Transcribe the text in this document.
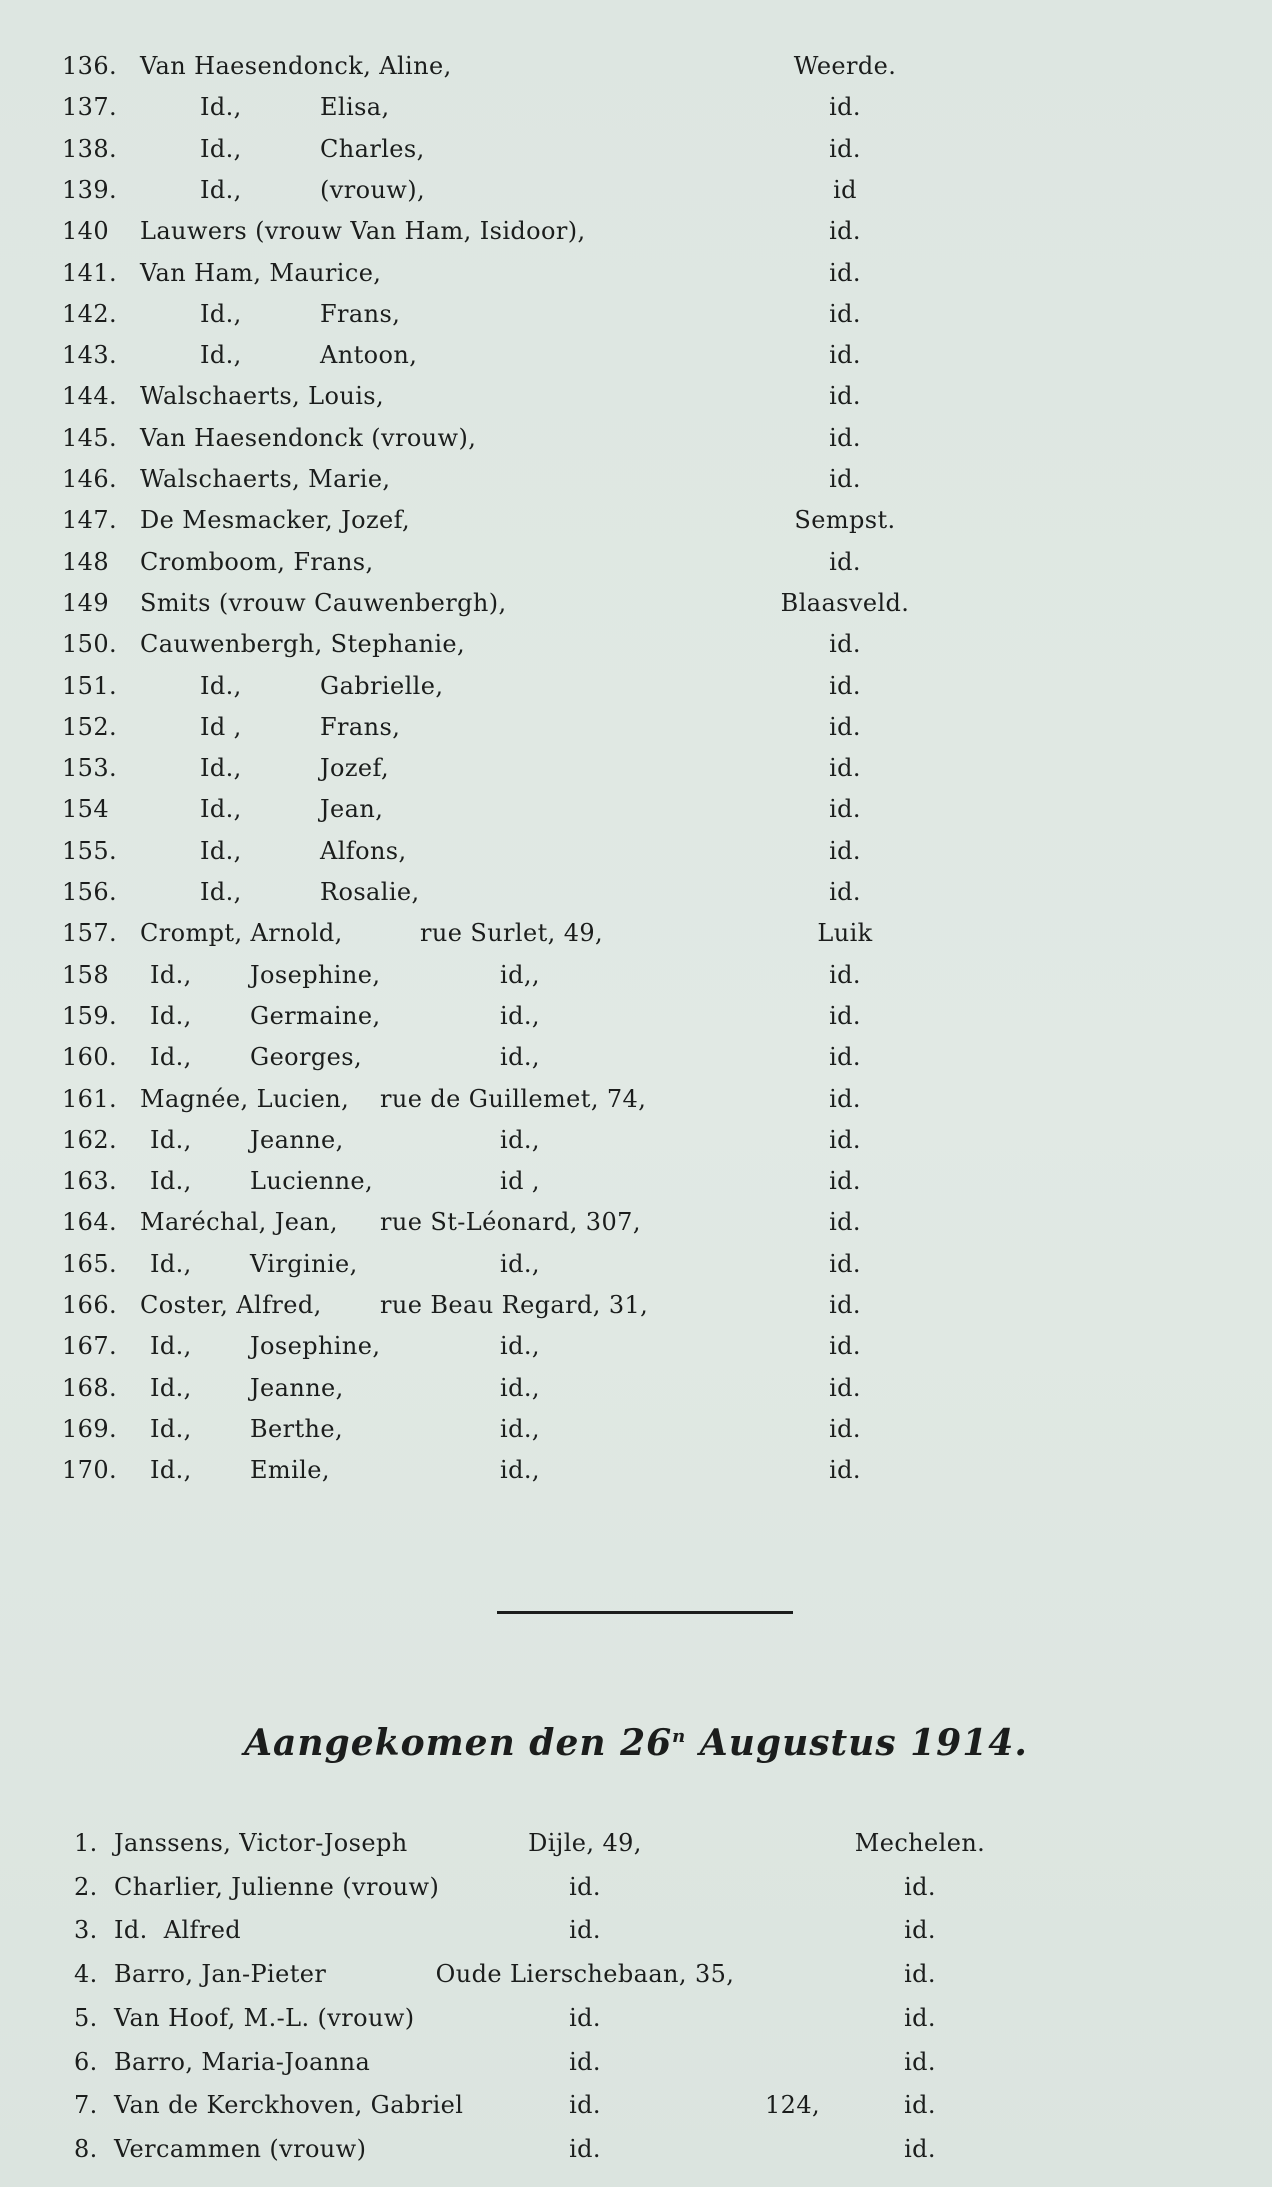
136. Van Haesendonck, Aline,	Weerde.
137.	Id.,	Elisa,	id.
138.	Id.,	Charles,	id.
139.	Id.,	(vrouw),	id
140 Lauwers (vrouw Van Ham, Isidoor),	id.
141. Van Ham, Maurice,	id.
142.	Id.,	Frans,	id.
143.	Id.,	Antoon,	id.
144. Walschaerts, Louis,	id.
145. Van Haesendonck (vrouw),	id.
146. Walschaerts, Marie,	id.
147. De Mesmacker, Jozef,	Sempst.
148 Cromboom, Frans,	id.
149 Smits (vrouw Cauwenbergh),	Blaasveld.
150. Cauwenbergh, Stephanie,	id.
151.	Id.,	Gabrielle,	id.
152.	Id ,	Frans,	id.
153.	Id.,	Jozef,	id.
154	Id.,	Jean,	id.
155.	Id.,	Alfons,	id.
156.	Id.,	Rosalie,	id.
157. Crompt, Arnold,	rue Surlet, 49,	Luik
158 Id., Josephine,	id,,	id.
159. Id., Germaine,	id.,	id.
160. Id., Georges,	id.,	id.
161. Magnée, Lucien, rue de Guillemet, 74,	id.
162. Id., Jeanne,	id.,	id.
163. Id., Lucienne,	id ,	id.
164. Maréchal, Jean, rue St-Léonard, 307,	id.
165. Id., Virginie,	id.,	id.
166. Coster, Alfred, rue Beau Regard, 31,	id.
167. Id., Josephine,	id.,	id.
168. Id., Jeanne,	id.,	id.
169. Id., Berthe,	id.,	id.
170. Id., Emile,	id.,	id.
Aangekomen den 26$^n$ Augustus 1914.
1. Janssens, Victor-Joseph	Dijle, 49,	Mechelen.
2. Charlier, Julienne (vrouw)	id.	id.
3. Id.  Alfred	id.	id.
4. Barro, Jan-Pieter	Oude Lierschebaan, 35,	id.
5. Van Hoof, M.-L. (vrouw)	id.	id.
6. Barro, Maria-Joanna	id.	id.
7. Van de Kerckhoven, Gabriel	id.	124,	id.
8. Vercammen (vrouw)	id.	id.
